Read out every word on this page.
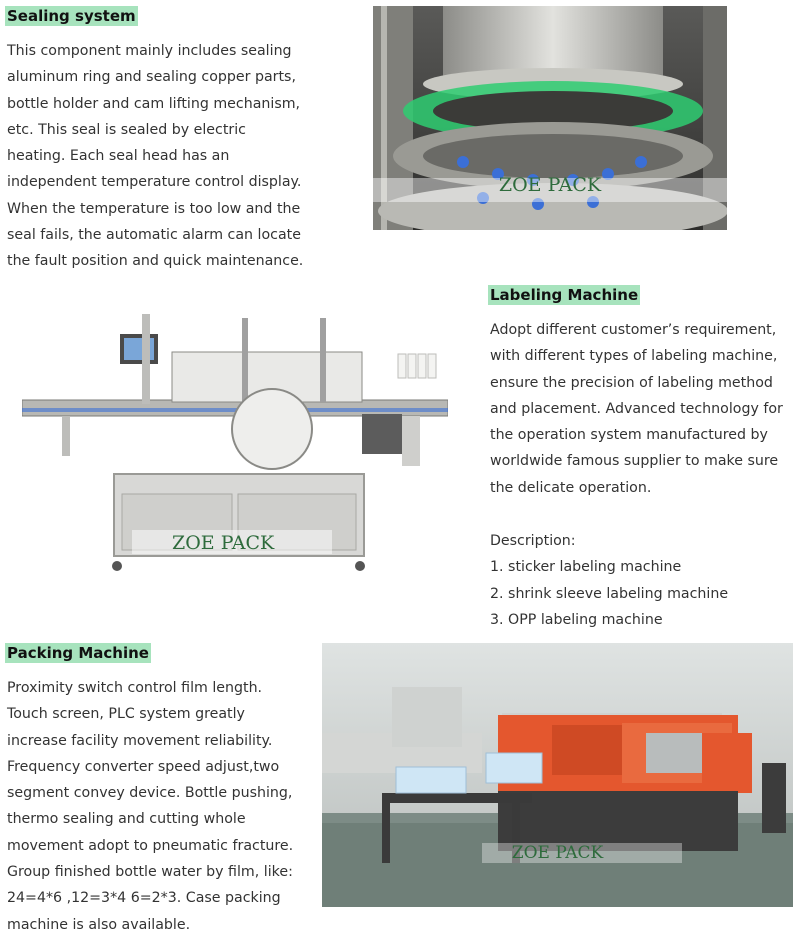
Sealing system

This component mainly includes sealing aluminum ring and sealing copper parts, bottle holder and cam lifting mechanism, etc. This seal is sealed by electric heating. Each seal head has an independent temperature control display. When the temperature is too low and the seal fails, the automatic alarm can locate the fault position and quick maintenance.

ZOE PACK
ZOE PACK
Labeling Machine

Adopt different customer’s requirement, with different types of labeling machine, ensure the precision of labeling method and placement. Advanced technology for the operation system manufactured by worldwide famous supplier to make sure the delicate operation.

Description:
1. sticker labeling machine
2. shrink sleeve labeling machine
3. OPP labeling machine
Packing Machine

Proximity switch control film length. Touch screen, PLC system greatly increase facility movement reliability. Frequency converter speed adjust,two segment convey device. Bottle pushing, thermo sealing and cutting whole movement adopt to pneumatic fracture. Group finished bottle water by film, like: 24=4*6 ,12=3*4 6=2*3. Case packing machine is also available.

ZOE PACK
